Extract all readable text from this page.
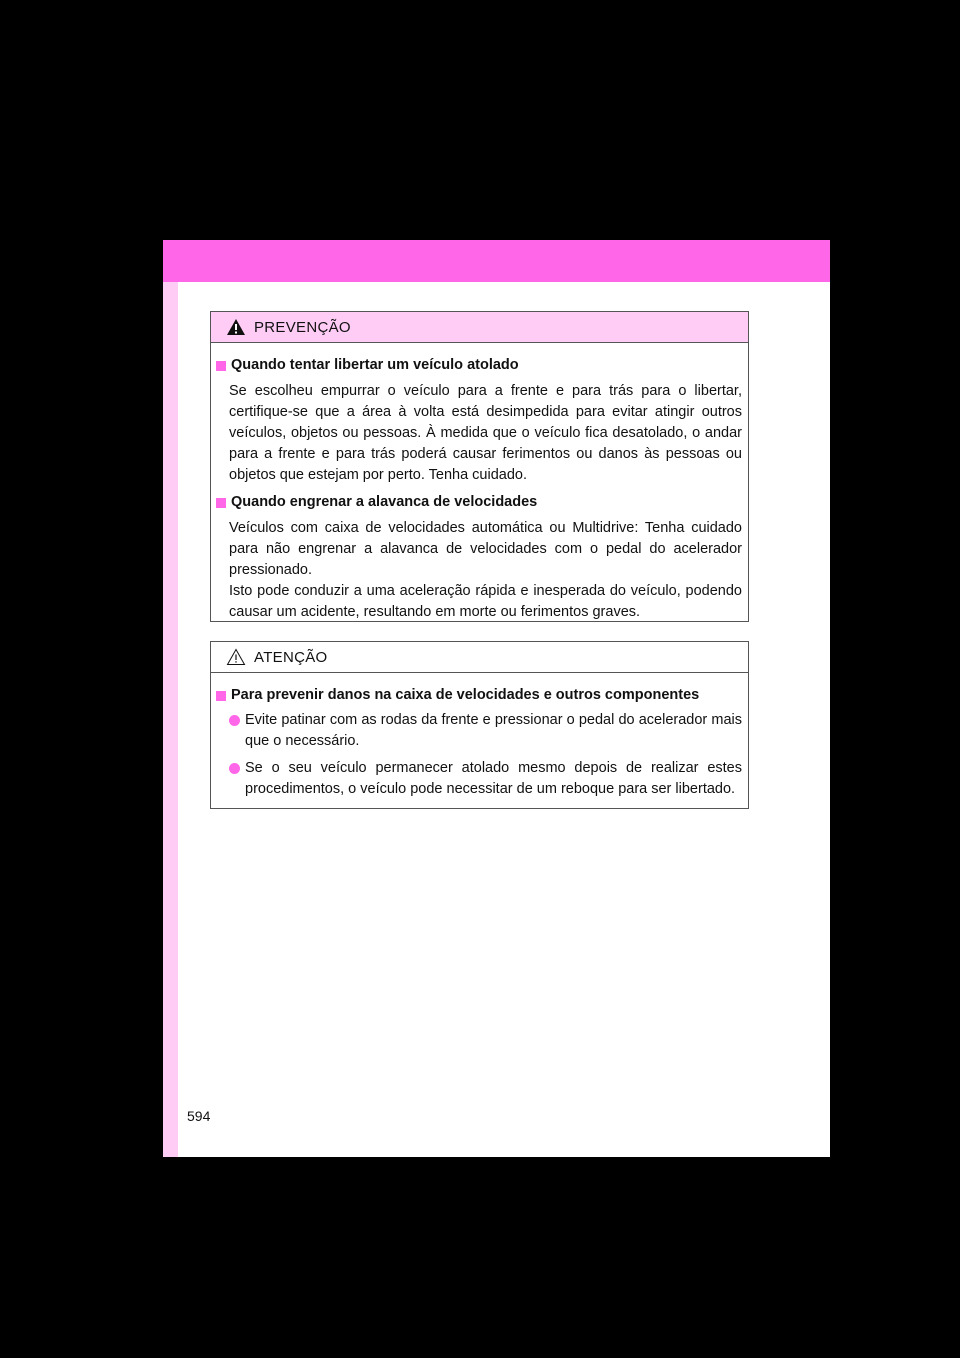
PREVENÇÃO
Quando tentar libertar um veículo atolado
Se escolheu empurrar o veículo para a frente e para trás para o libertar, certifique-se que a área à volta está desimpedida para evitar atingir outros veículos, objetos ou pessoas. À medida que o veículo fica desatolado, o andar para a frente e para trás poderá causar ferimentos ou danos às pessoas ou objetos que estejam por perto. Tenha cuidado.
Quando engrenar a alavanca de velocidades
Veículos com caixa de velocidades automática ou Multidrive: Tenha cuidado para não engrenar a alavanca de velocidades com o pedal do acelerador pressionado.
Isto pode conduzir a uma aceleração rápida e inesperada do veículo, podendo causar um acidente, resultando em morte ou ferimentos graves.
ATENÇÃO
Para prevenir danos na caixa de velocidades e outros componentes
Evite patinar com as rodas da frente e pressionar o pedal do acelerador mais que o necessário.
Se o seu veículo permanecer atolado mesmo depois de realizar estes procedimentos, o veículo pode necessitar de um reboque para ser libertado.
594
